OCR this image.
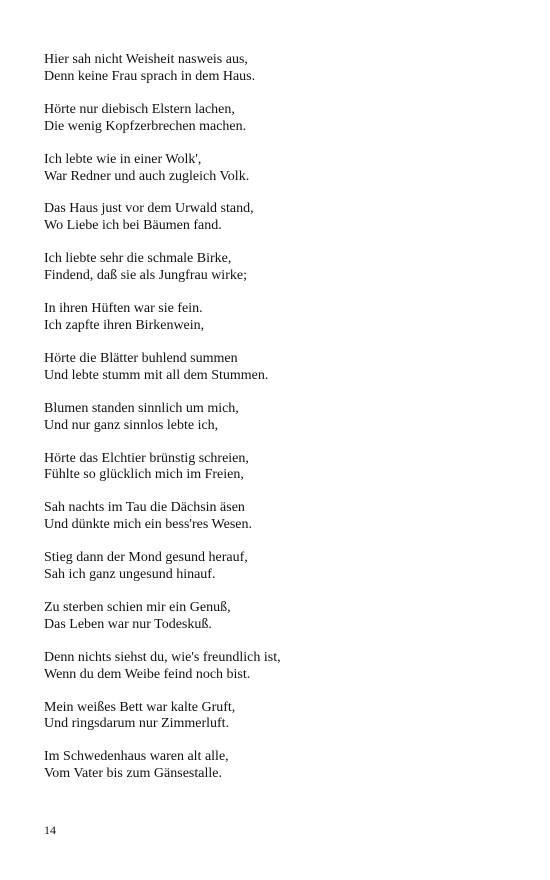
Hier sah nicht Weisheit nasweis aus,
Denn keine Frau sprach in dem Haus.
Hörte nur diebisch Elstern lachen,
Die wenig Kopfzerbrechen machen.
Ich lebte wie in einer Wolk',
War Redner und auch zugleich Volk.
Das Haus just vor dem Urwald stand,
Wo Liebe ich bei Bäumen fand.
Ich liebte sehr die schmale Birke,
Findend, daß sie als Jungfrau wirke;
In ihren Hüften war sie fein.
Ich zapfte ihren Birkenwein,
Hörte die Blätter buhlend summen
Und lebte stumm mit all dem Stummen.
Blumen standen sinnlich um mich,
Und nur ganz sinnlos lebte ich,
Hörte das Elchtier brünstig schreien,
Fühlte so glücklich mich im Freien,
Sah nachts im Tau die Dächsin äsen
Und dünkte mich ein bess'res Wesen.
Stieg dann der Mond gesund herauf,
Sah ich ganz ungesund hinauf.
Zu sterben schien mir ein Genuß,
Das Leben war nur Todeskuß.
Denn nichts siehst du, wie's freundlich ist,
Wenn du dem Weibe feind noch bist.
Mein weißes Bett war kalte Gruft,
Und ringsdarum nur Zimmerluft.
Im Schwedenhaus waren alt alle,
Vom Vater bis zum Gänsestalle.
14
